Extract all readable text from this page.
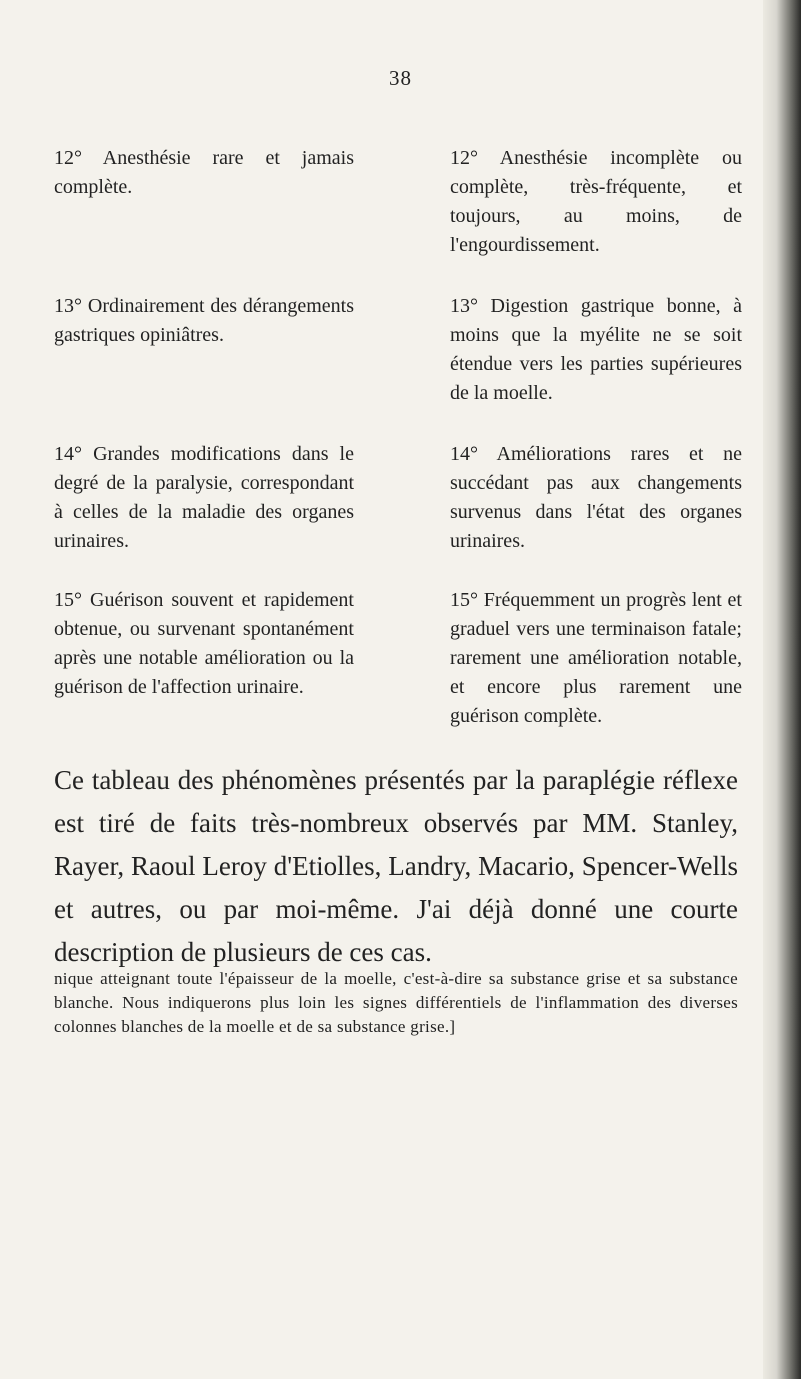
38

12° Anesthésie rare et jamais complète.

13° Ordinairement des dérangements gastriques opiniâtres.

14° Grandes modifications dans le degré de la paralysie, correspondant à celles de la maladie des organes urinaires.

15° Guérison souvent et rapidement obtenue, ou survenant spontanément après une notable amélioration ou la guérison de l'affection urinaire.

12° Anesthésie incomplète ou complète, très-fréquente, et toujours, au moins, de l'engourdissement.

13° Digestion gastrique bonne, à moins que la myélite ne se soit étendue vers les parties supérieures de la moelle.

14° Améliorations rares et ne succédant pas aux changements survenus dans l'état des organes urinaires.

15° Fréquemment un progrès lent et graduel vers une terminaison fatale; rarement une amélioration notable, et encore plus rarement une guérison complète.

Ce tableau des phénomènes présentés par la paraplégie réflexe est tiré de faits très-nombreux observés par MM. Stanley, Rayer, Raoul Leroy d'Etiolles, Landry, Macario, Spencer-Wells et autres, ou par moi-même. J'ai déjà donné une courte description de plusieurs de ces cas.

nique atteignant toute l'épaisseur de la moelle, c'est-à-dire sa substance grise et sa substance blanche. Nous indiquerons plus loin les signes différentiels de l'inflammation des diverses colonnes blanches de la moelle et de sa substance grise.]
